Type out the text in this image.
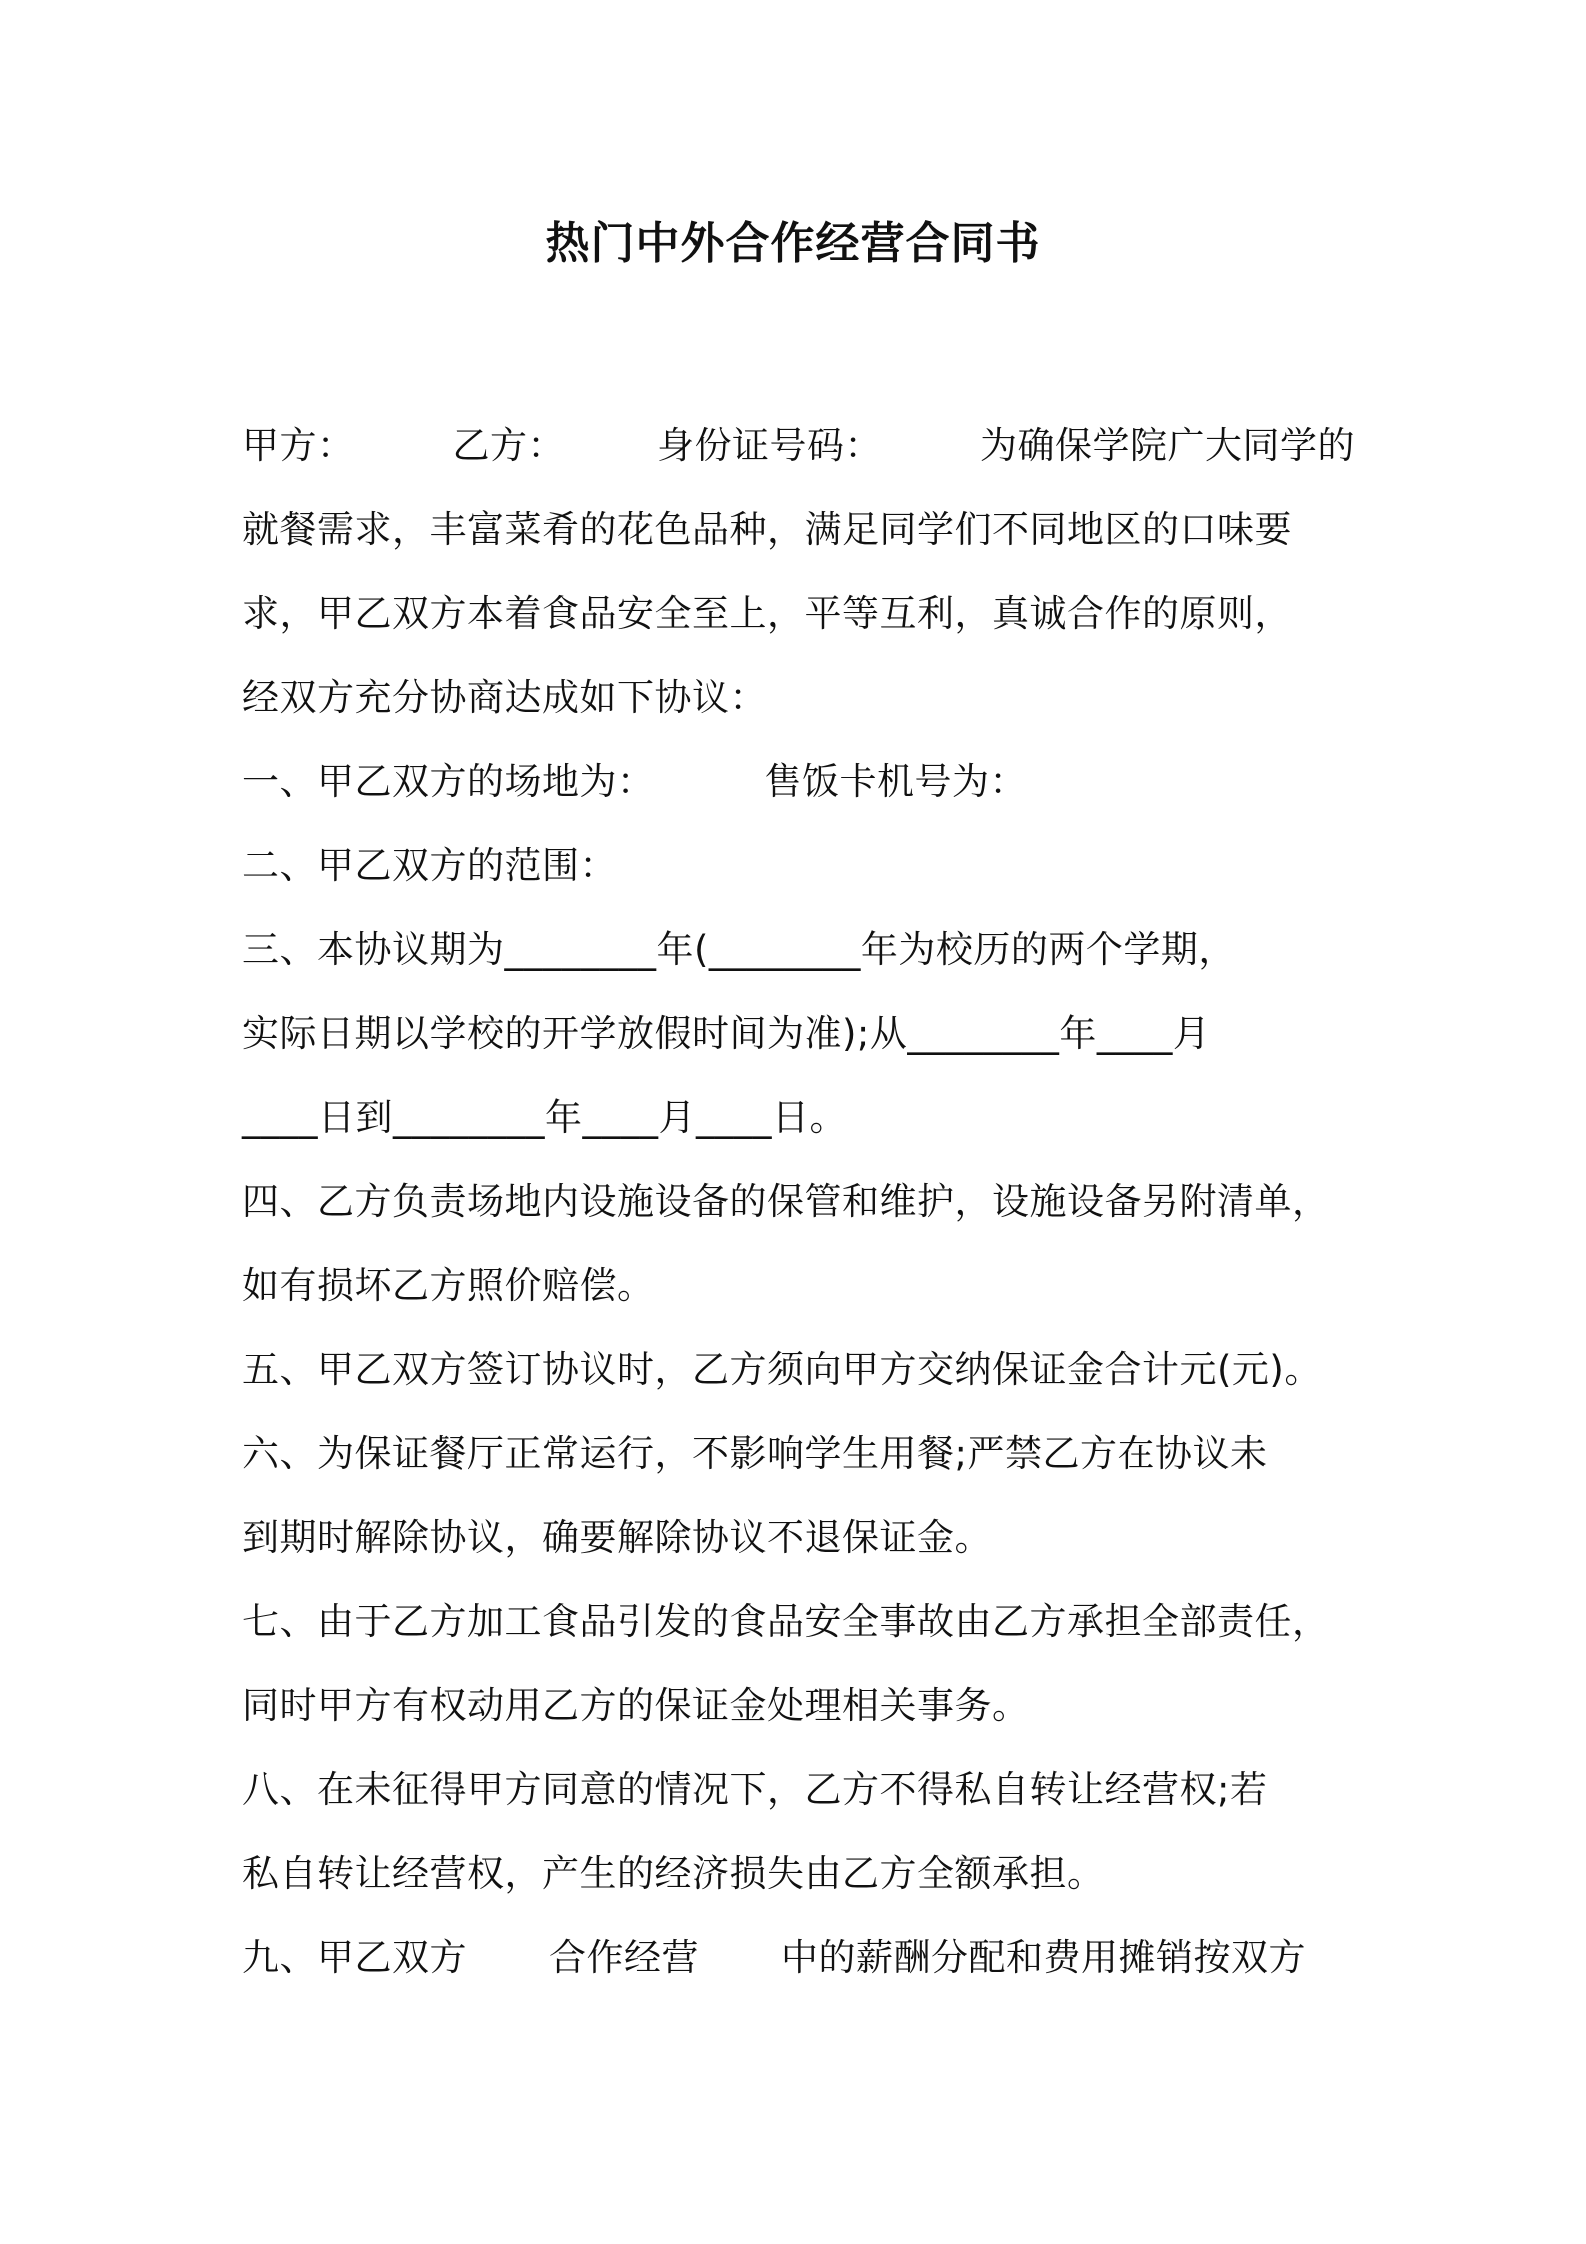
热门中外合作经营合同书
甲方：	乙方： 身份证号码：	为确保学院广大同学的
就餐需求，丰富菜肴的花色品种，满足同学们不同地区的口味要
求，甲乙双方本着食品安全至上，平等互利，真诚合作的原则，
经双方充分协商达成如下协议：
一、甲乙双方的场地为：	售饭卡机号为：
二、甲乙双方的范围：
三、本协议期为________年(________年为校历的两个学期，
实际日期以学校的开学放假时间为准);从________年____月
____日到________年____月____日。
四、乙方负责场地内设施设备的保管和维护，设施设备另附清单，
如有损坏乙方照价赔偿。
五、甲乙双方签订协议时，乙方须向甲方交纳保证金合计元(元)。
六、为保证餐厅正常运行，不影响学生用餐;严禁乙方在协议未
到期时解除协议，确要解除协议不退保证金。
七、由于乙方加工食品引发的食品安全事故由乙方承担全部责任，
同时甲方有权动用乙方的保证金处理相关事务。
八、在未征得甲方同意的情况下，乙方不得私自转让经营权;若
私自转让经营权，产生的经济损失由乙方全额承担。
九、甲乙双方 合作经营 中的薪酬分配和费用摊销按双方
